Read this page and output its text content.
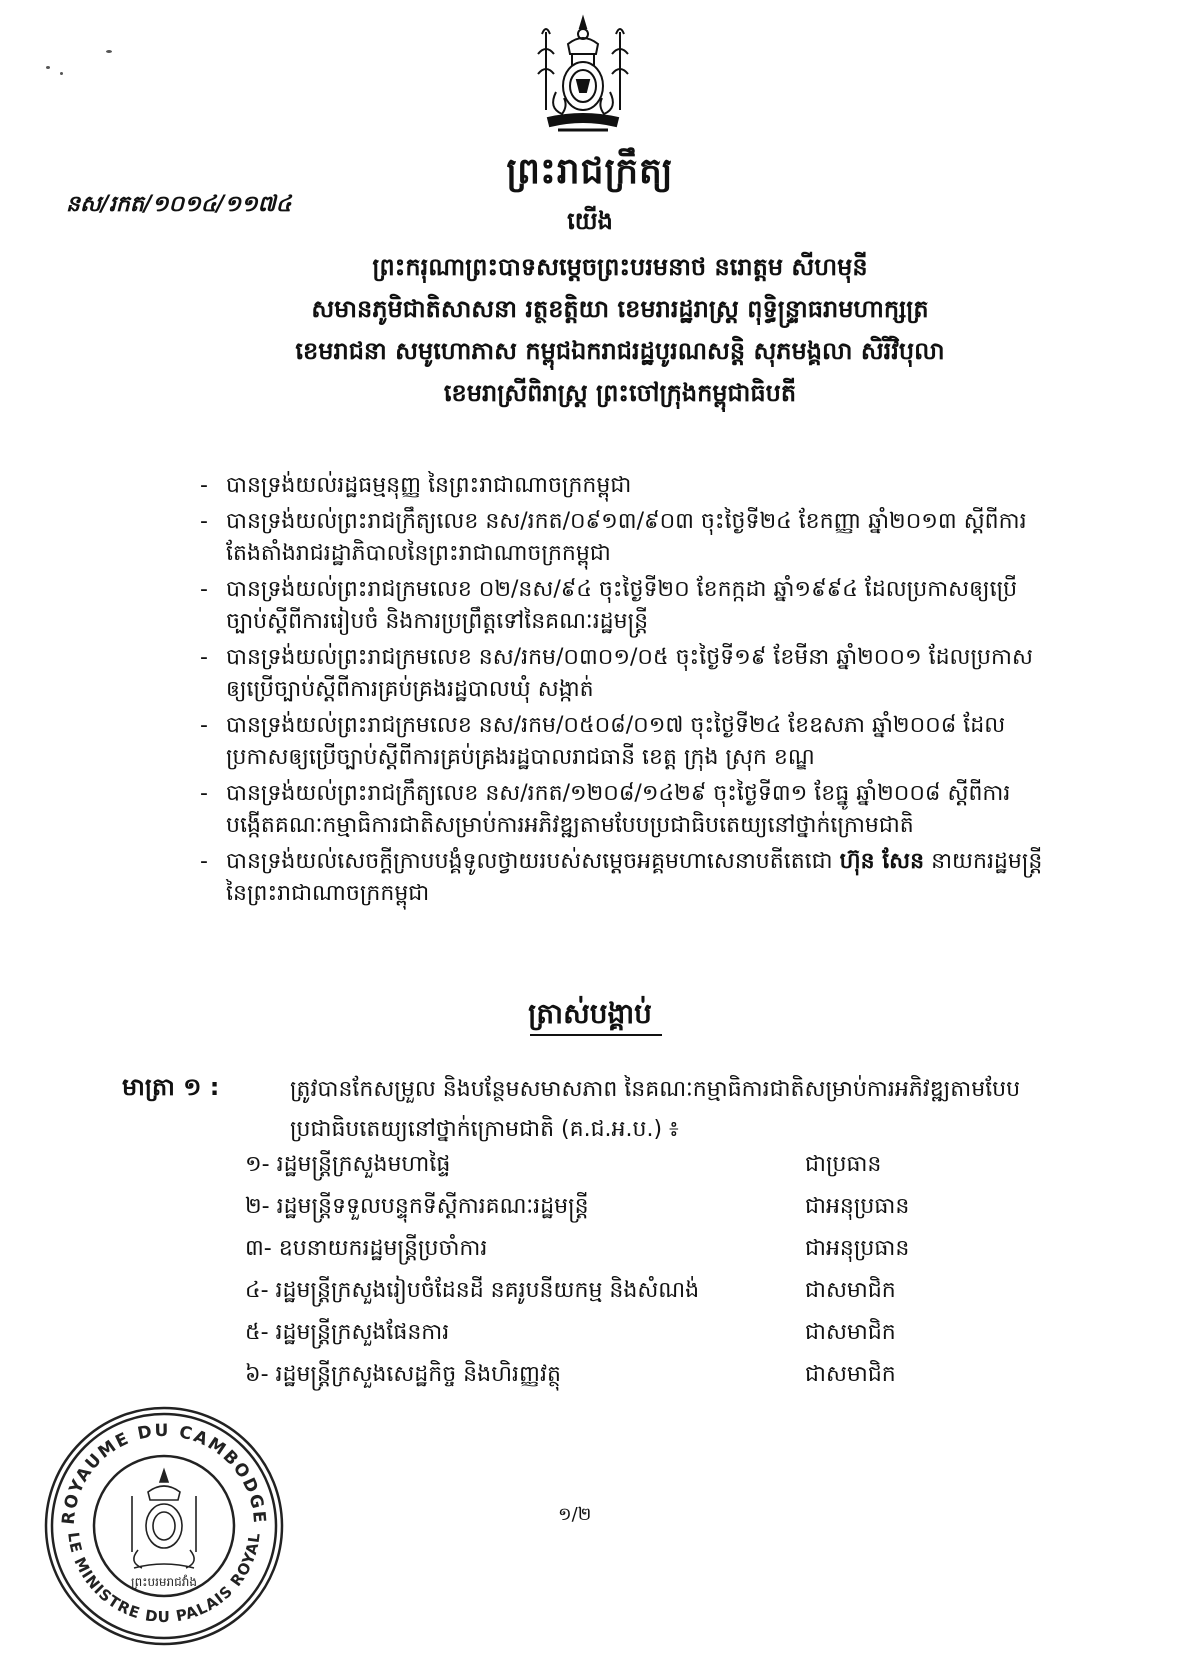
ព្រះរាជក្រឹត្យ
នស/រកត/១០១៤/១១៧៤
យើង
ព្រះករុណាព្រះបាទសម្ដេចព្រះបរមនាថ នរោត្ដម សីហមុនី
សមានភូមិជាតិសាសនា រត្ថខត្តិយា ខេមរារដ្ឋរាស្ត្រ ពុទ្ធិន្ទ្រាធរាមហាក្សត្រ
ខេមរាជនា សមូហោភាស កម្ពុជឯករាជរដ្ឋបូរណសន្ដិ សុភមង្គលា សិរីវិបុលា
ខេមរាស្រីពិរាស្ត្រ ព្រះចៅក្រុងកម្ពុជាធិបតី
- បានទ្រង់យល់រដ្ឋធម្មនុញ្ញ នៃព្រះរាជាណាចក្រកម្ពុជា
- បានទ្រង់យល់ព្រះរាជក្រឹត្យលេខ នស/រកត/០៩១៣/៩០៣ ចុះថ្ងៃទី២៤ ខែកញ្ញា ឆ្នាំ២០១៣ ស្ដីពីការតែងតាំងរាជរដ្ឋាភិបាលនៃព្រះរាជាណាចក្រកម្ពុជា
- បានទ្រង់យល់ព្រះរាជក្រមលេខ ០២/នស/៩៤ ចុះថ្ងៃទី២០ ខែកក្កដា ឆ្នាំ១៩៩៤ ដែលប្រកាសឲ្យប្រើច្បាប់ស្ដីពីការរៀបចំ និងការប្រព្រឹត្តទៅនៃគណៈរដ្ឋមន្ត្រី
- បានទ្រង់យល់ព្រះរាជក្រមលេខ នស/រកម/០៣០១/០៥ ចុះថ្ងៃទី១៩ ខែមីនា ឆ្នាំ២០០១ ដែលប្រកាសឲ្យប្រើច្បាប់ស្ដីពីការគ្រប់គ្រងរដ្ឋបាលឃុំ សង្កាត់
- បានទ្រង់យល់ព្រះរាជក្រមលេខ នស/រកម/០៥០៨/០១៧ ចុះថ្ងៃទី២៤ ខែឧសភា ឆ្នាំ២០០៨ ដែលប្រកាសឲ្យប្រើច្បាប់ស្ដីពីការគ្រប់គ្រងរដ្ឋបាលរាជធានី ខេត្ត ក្រុង ស្រុក ខណ្ឌ
- បានទ្រង់យល់ព្រះរាជក្រឹត្យលេខ នស/រកត/១២០៨/១៤២៩ ចុះថ្ងៃទី៣១ ខែធ្នូ ឆ្នាំ២០០៨ ស្ដីពីការបង្កើតគណៈកម្មាធិការជាតិសម្រាប់ការអភិវឌ្ឍតាមបែបប្រជាធិបតេយ្យនៅថ្នាក់ក្រោមជាតិ
- បានទ្រង់យល់សេចក្ដីក្រាបបង្គំទូលថ្វាយរបស់សម្ដេចអគ្គមហាសេនាបតីតេជោ ហ៊ុន សែន នាយករដ្ឋមន្ត្រីនៃព្រះរាជាណាចក្រកម្ពុជា
ត្រាស់បង្គាប់
មាត្រា ១ :	ត្រូវបានកែសម្រួល និងបន្ថែមសមាសភាព នៃគណៈកម្មាធិការជាតិសម្រាប់ការអភិវឌ្ឍតាមបែបប្រជាធិបតេយ្យនៅថ្នាក់ក្រោមជាតិ (គ.ជ.អ.ប.) ៖
១- រដ្ឋមន្ត្រីក្រសួងមហាផ្ទៃ	ជាប្រធាន
២- រដ្ឋមន្ត្រីទទួលបន្ទុកទីស្ដីការគណៈរដ្ឋមន្ត្រី	ជាអនុប្រធាន
៣- ឧបនាយករដ្ឋមន្ត្រីប្រចាំការ	ជាអនុប្រធាន
៤- រដ្ឋមន្ត្រីក្រសួងរៀបចំដែនដី នគរូបនីយកម្ម និងសំណង់	ជាសមាជិក
៥- រដ្ឋមន្ត្រីក្រសួងផែនការ	ជាសមាជិក
៦- រដ្ឋមន្ត្រីក្រសួងសេដ្ឋកិច្ច និងហិរញ្ញវត្ថុ	ជាសមាជិក
ROYAUME DU CAMBODGE
LE MINISTRE DU PALAIS ROYAL
ព្រះបរមរាជវាំង
១/២
